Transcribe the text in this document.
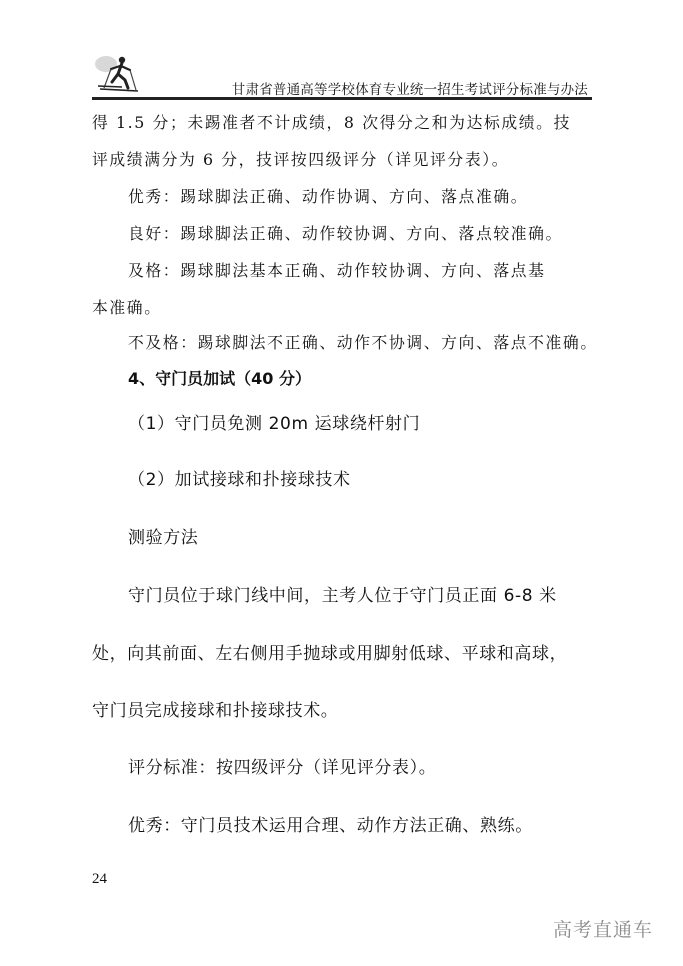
甘肃省普通高等学校体育专业统一招生考试评分标准与办法
得 1.5 分；未踢准者不计成绩，8 次得分之和为达标成绩。技
评成绩满分为 6 分，技评按四级评分（详见评分表）。
优秀：踢球脚法正确、动作协调、方向、落点准确。
良好：踢球脚法正确、动作较协调、方向、落点较准确。
及格：踢球脚法基本正确、动作较协调、方向、落点基
本准确。
不及格：踢球脚法不正确、动作不协调、方向、落点不准确。
4、守门员加试（40 分）
（1）守门员免测 20m 运球绕杆射门
（2）加试接球和扑接球技术
测验方法
守门员位于球门线中间，主考人位于守门员正面 6-8 米
处，向其前面、左右侧用手抛球或用脚射低球、平球和高球，
守门员完成接球和扑接球技术。
评分标准：按四级评分（详见评分表）。
优秀：守门员技术运用合理、动作方法正确、熟练。
24
高考直通车
